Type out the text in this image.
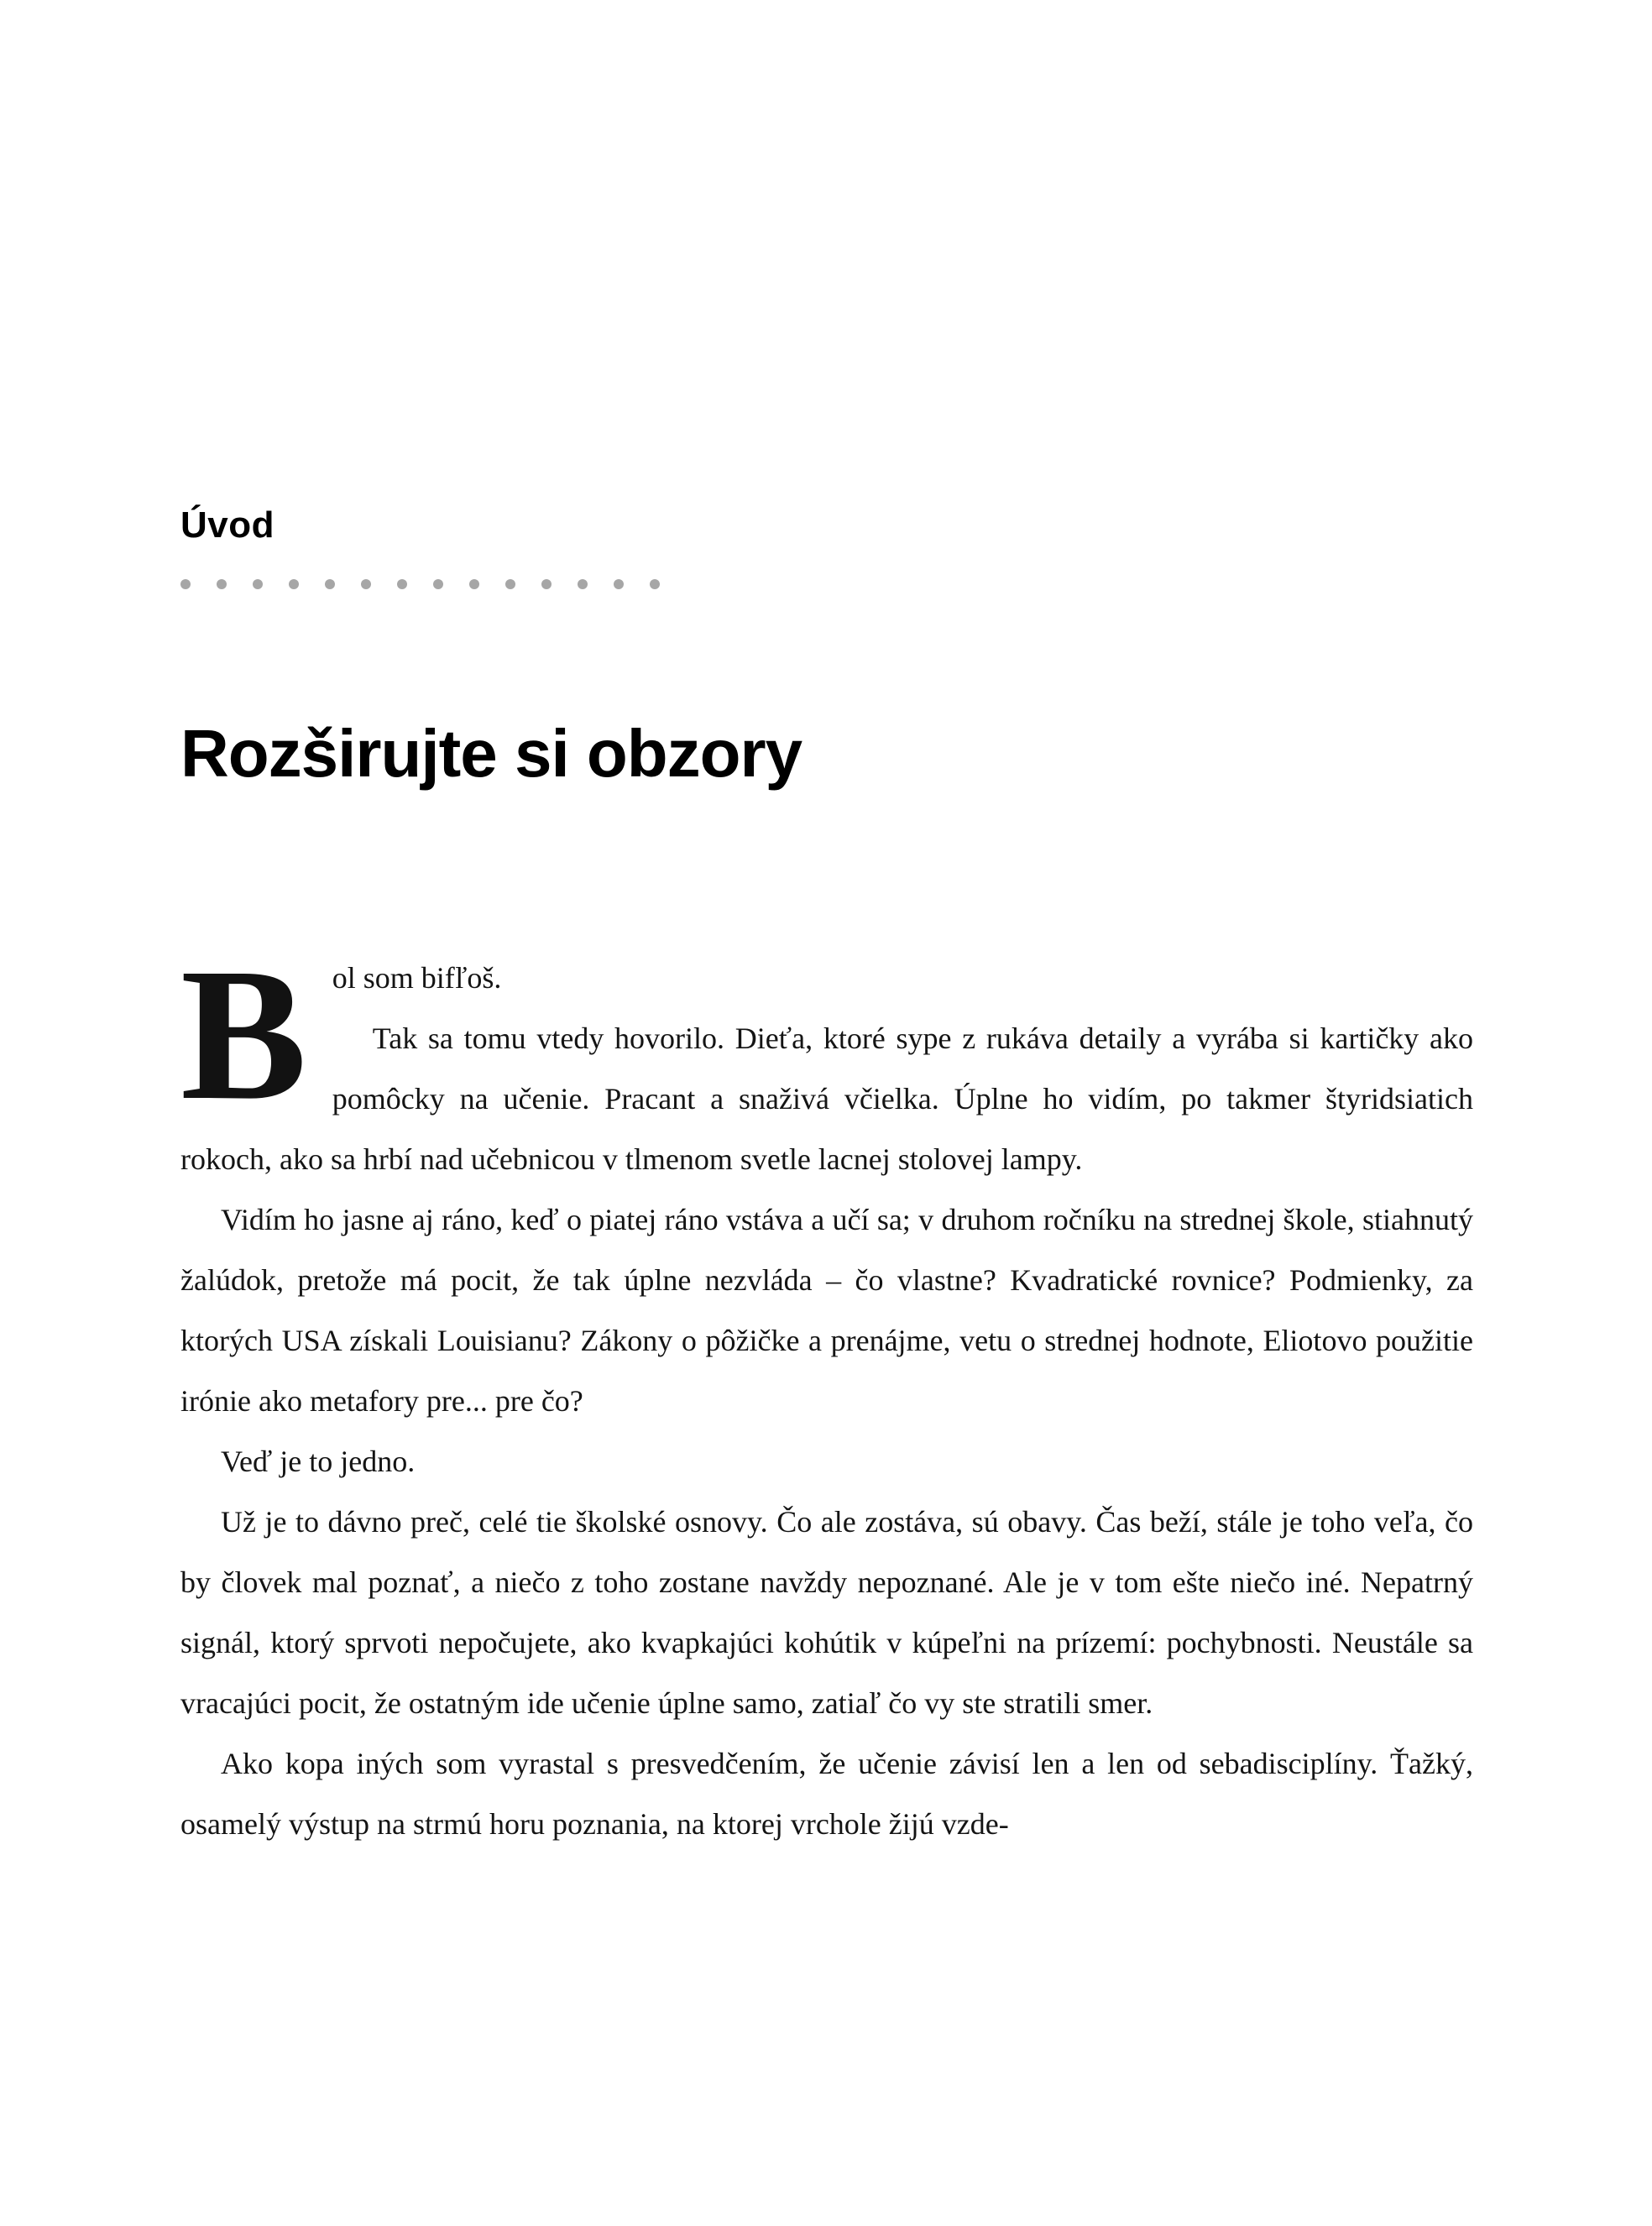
Úvod
Rozširujte si obzory
B ol som bifľoš.

Tak sa tomu vtedy hovorilo. Dieťa, ktoré sype z rukáva detaily a vyrába si kartičky ako pomôcky na učenie. Pracant a snaživá včielka. Úplne ho vidím, po takmer štyridsiatich rokoch, ako sa hrbí nad učebnicou v tlmenom svetle lacnej stolovej lampy.

Vidím ho jasne aj ráno, keď o piatej ráno vstáva a učí sa; v druhom ročníku na strednej škole, stiahnutý žalúdok, pretože má pocit, že tak úplne nezvláda – čo vlastne? Kvadratické rovnice? Podmienky, za ktorých USA získali Louisianu? Zákony o pôžičke a prenájme, vetu o strednej hodnote, Eliotovo použitie irónie ako metafory pre... pre čo?

Veď je to jedno.

Už je to dávno preč, celé tie školské osnovy. Čo ale zostáva, sú obavy. Čas beží, stále je toho veľa, čo by človek mal poznať, a niečo z toho zostane navždy nepoznané. Ale je v tom ešte niečo iné. Nepatrný signál, ktorý sprvoti nepočujete, ako kvapkajúci kohútik v kúpeľni na prízemí: pochybnosti. Neustále sa vracajúci pocit, že ostatným ide učenie úplne samo, zatiaľ čo vy ste stratili smer.

Ako kopa iných som vyrastal s presvedčením, že učenie závisí len a len od sebadisciplíny. Ťažký, osamelý výstup na strmú horu poznania, na ktorej vrchole žijú vzde-
